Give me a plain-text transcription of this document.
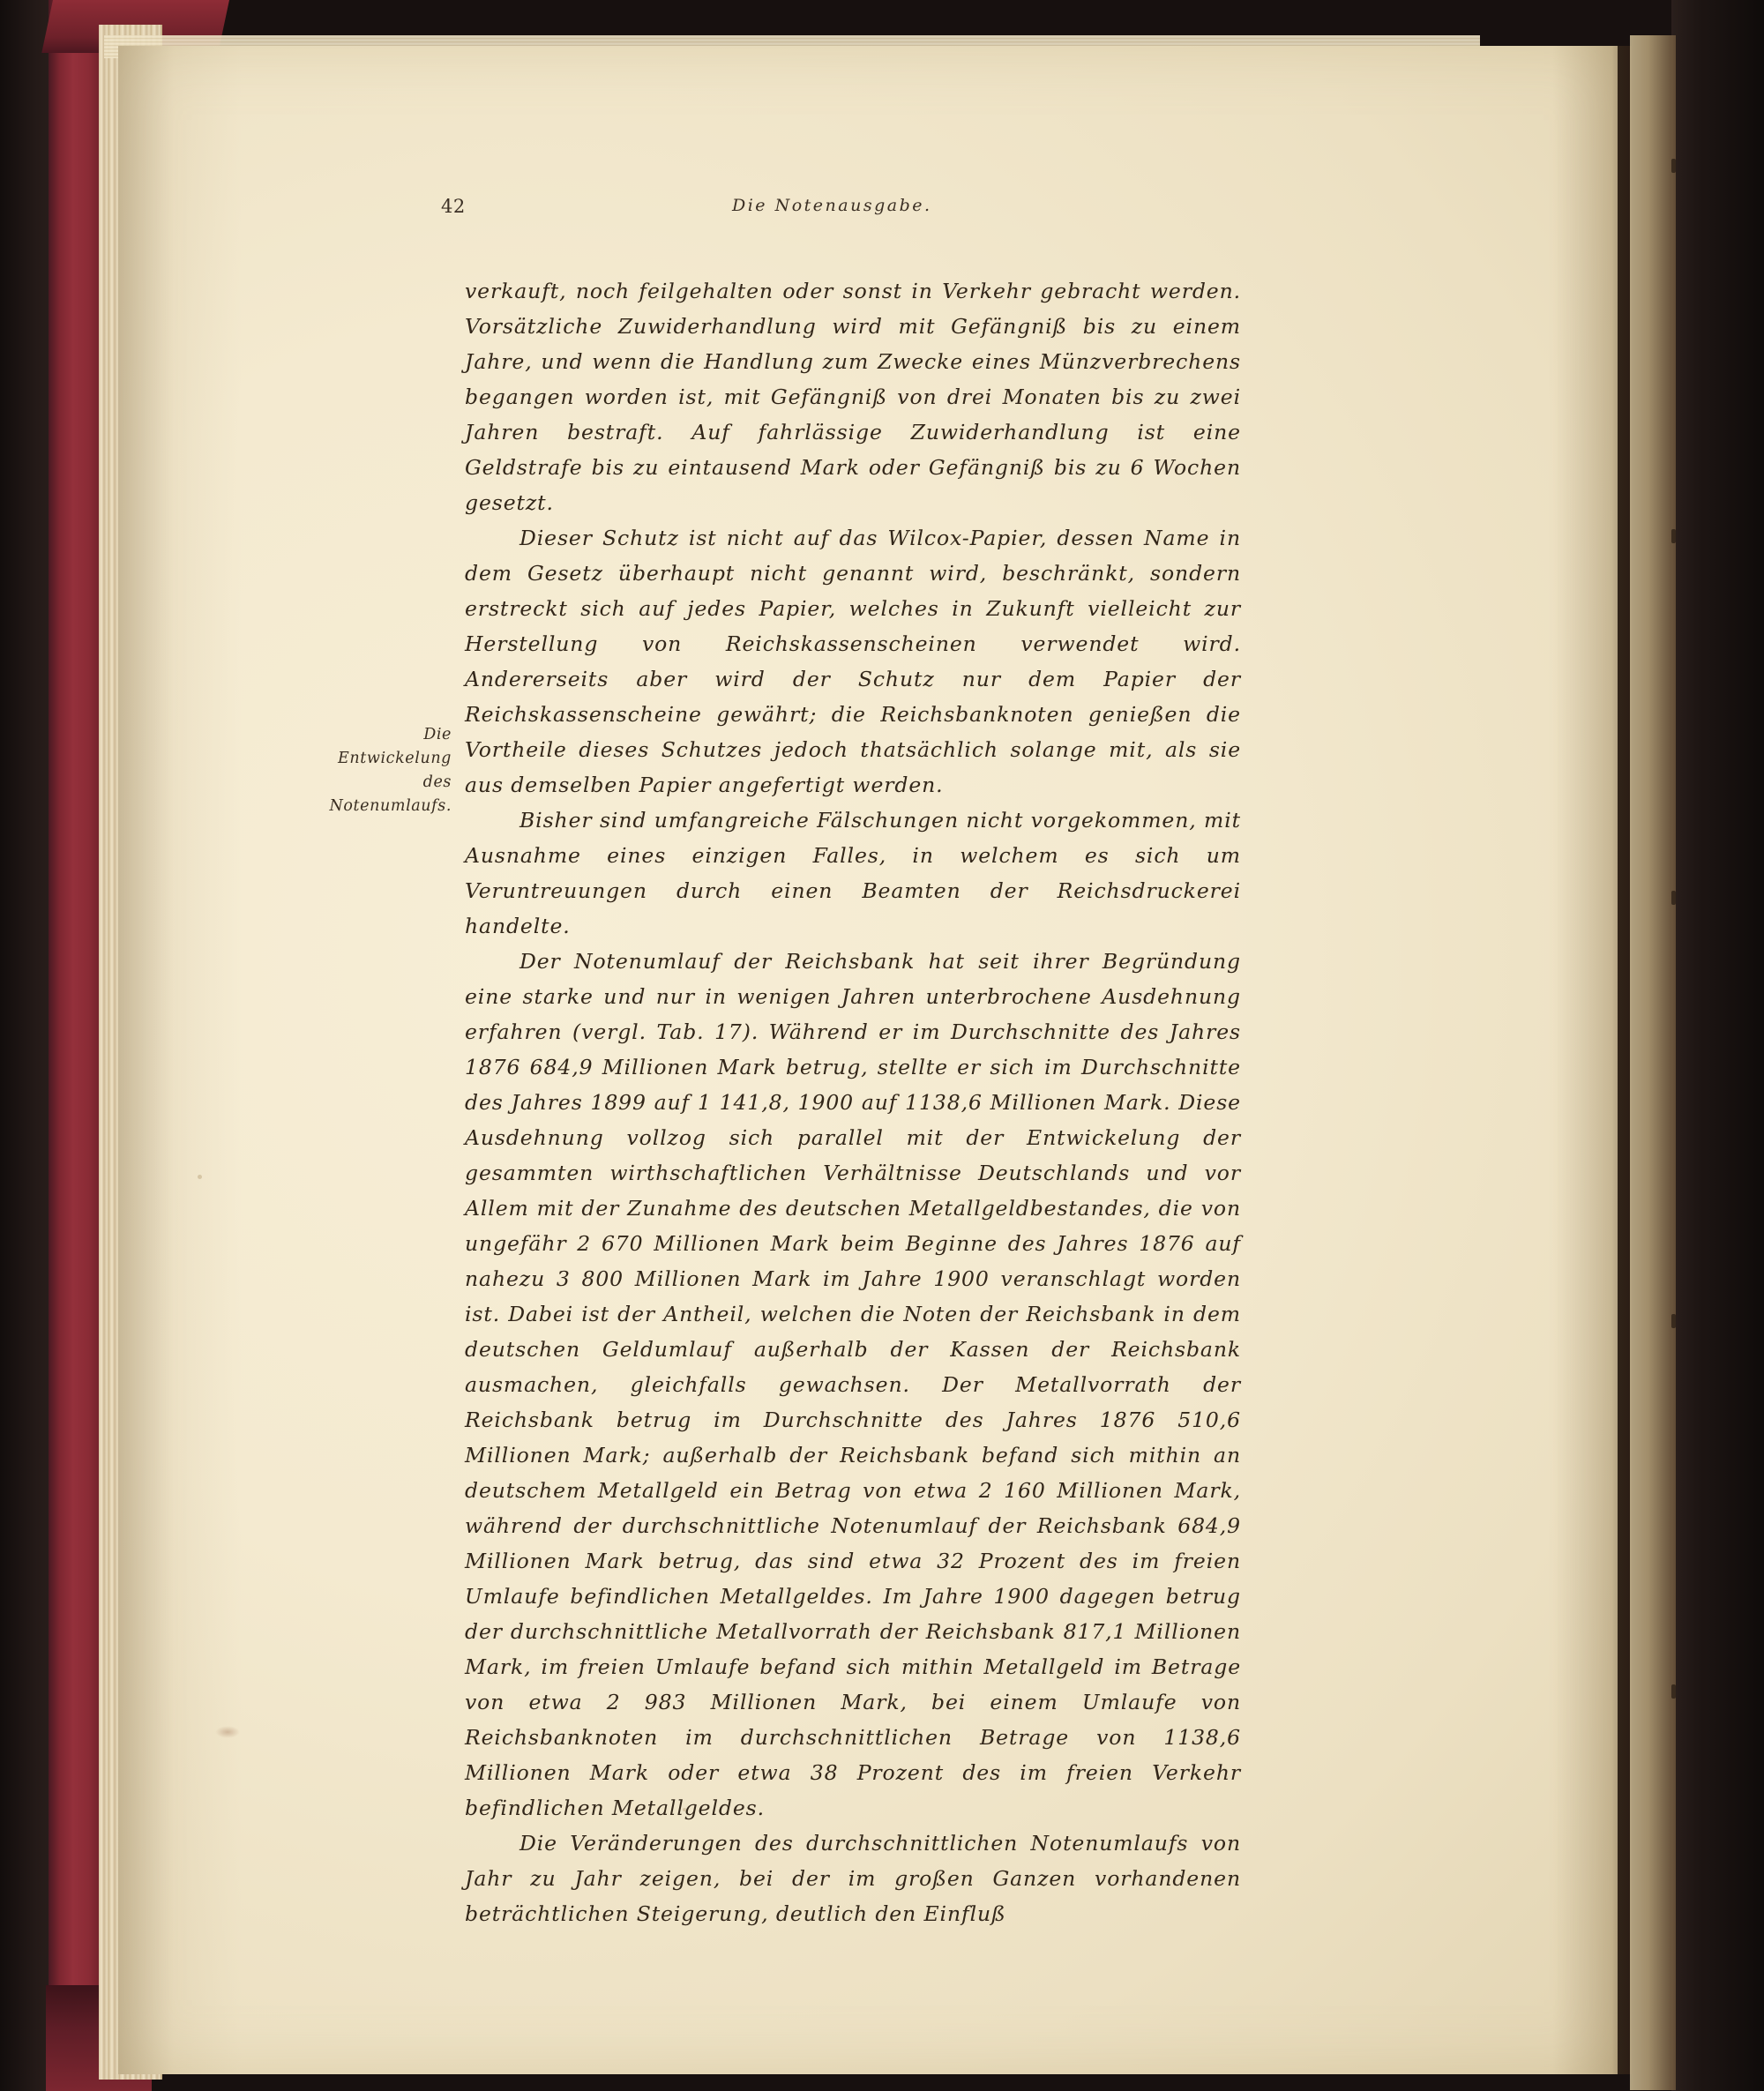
42	Die Notenausgabe.
Die Entwickelung
des Notenumlaufs.

verkauft, noch feilgehalten oder sonst in Verkehr gebracht werden. Vorsätzliche Zuwiderhandlung wird mit Gefängniß bis zu einem Jahre, und wenn die Handlung zum Zwecke eines Münzverbrechens begangen worden ist, mit Gefängniß von drei Monaten bis zu zwei Jahren bestraft. Auf fahrlässige Zuwiderhandlung ist eine Geldstrafe bis zu eintausend Mark oder Gefängniß bis zu 6 Wochen gesetzt.

Dieser Schutz ist nicht auf das Wilcox-Papier, dessen Name in dem Gesetz überhaupt nicht genannt wird, beschränkt, sondern erstreckt sich auf jedes Papier, welches in Zukunft vielleicht zur Herstellung von Reichskassenscheinen verwendet wird. Andererseits aber wird der Schutz nur dem Papier der Reichskassenscheine gewährt; die Reichsbanknoten genießen die Vortheile dieses Schutzes jedoch thatsächlich solange mit, als sie aus demselben Papier angefertigt werden.

Bisher sind umfangreiche Fälschungen nicht vorgekommen, mit Ausnahme eines einzigen Falles, in welchem es sich um Veruntreuungen durch einen Beamten der Reichsdruckerei handelte.

Der Notenumlauf der Reichsbank hat seit ihrer Begründung eine starke und nur in wenigen Jahren unterbrochene Ausdehnung erfahren (vergl. Tab. 17). Während er im Durchschnitte des Jahres 1876 684,9 Millionen Mark betrug, stellte er sich im Durchschnitte des Jahres 1899 auf 1 141,8, 1900 auf 1138,6 Millionen Mark. Diese Ausdehnung vollzog sich parallel mit der Entwickelung der gesammten wirthschaftlichen Verhältnisse Deutschlands und vor Allem mit der Zunahme des deutschen Metallgeldbestandes, die von ungefähr 2 670 Millionen Mark beim Beginne des Jahres 1876 auf nahezu 3 800 Millionen Mark im Jahre 1900 veranschlagt worden ist. Dabei ist der Antheil, welchen die Noten der Reichsbank in dem deutschen Geldumlauf außerhalb der Kassen der Reichsbank ausmachen, gleichfalls gewachsen. Der Metallvorrath der Reichsbank betrug im Durchschnitte des Jahres 1876 510,6 Millionen Mark; außerhalb der Reichsbank befand sich mithin an deutschem Metallgeld ein Betrag von etwa 2 160 Millionen Mark, während der durchschnittliche Notenumlauf der Reichsbank 684,9 Millionen Mark betrug, das sind etwa 32 Prozent des im freien Umlaufe befindlichen Metallgeldes. Im Jahre 1900 dagegen betrug der durchschnittliche Metallvorrath der Reichsbank 817,1 Millionen Mark, im freien Umlaufe befand sich mithin Metallgeld im Betrage von etwa 2 983 Millionen Mark, bei einem Umlaufe von Reichsbanknoten im durchschnittlichen Betrage von 1138,6 Millionen Mark oder etwa 38 Prozent des im freien Verkehr befindlichen Metallgeldes.

Die Veränderungen des durchschnittlichen Notenumlaufs von Jahr zu Jahr zeigen, bei der im großen Ganzen vorhandenen beträchtlichen Steigerung, deutlich den Einfluß
